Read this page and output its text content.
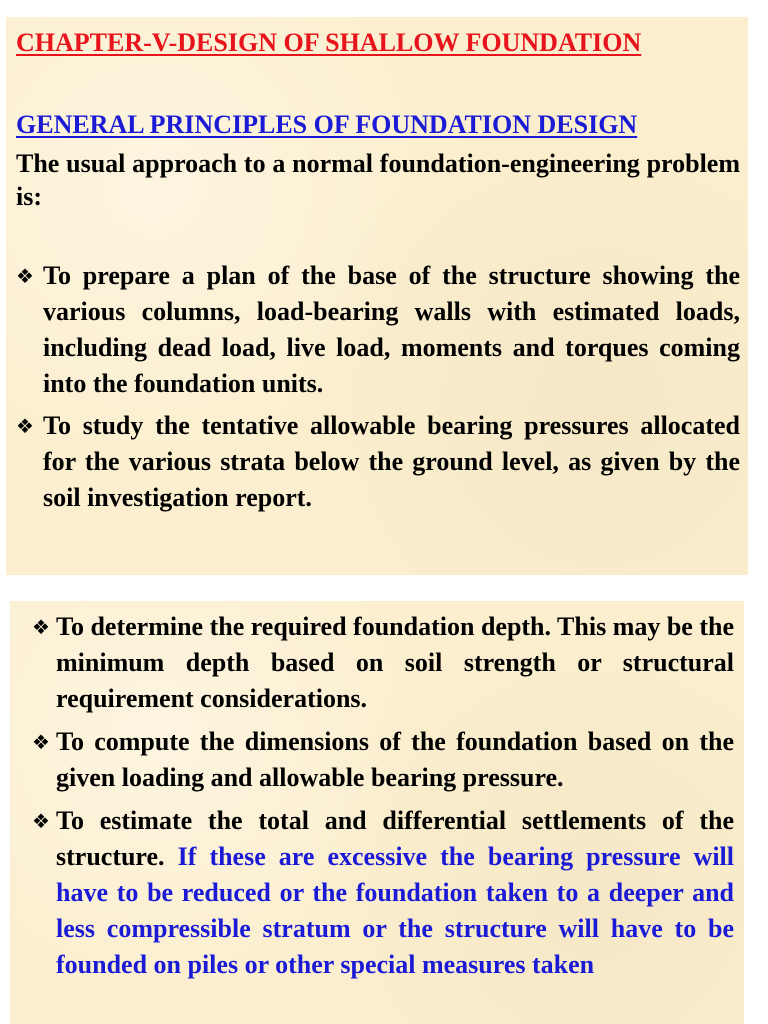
CHAPTER-V-DESIGN OF SHALLOW FOUNDATION
GENERAL PRINCIPLES OF FOUNDATION DESIGN

The usual approach to a normal foundation-engineering problem is:

❖ To prepare a plan of the base of the structure showing the various columns, load-bearing walls with estimated loads, including dead load, live load, moments and torques coming into the foundation units.
❖ To study the tentative allowable bearing pressures allocated for the various strata below the ground level, as given by the soil investigation report.
❖ To determine the required foundation depth. This may be the minimum depth based on soil strength or structural requirement considerations.
❖ To compute the dimensions of the foundation based on the given loading and allowable bearing pressure.
❖ To estimate the total and differential settlements of the structure. If these are excessive the bearing pressure will have to be reduced or the foundation taken to a deeper and less compressible stratum or the structure will have to be founded on piles or other special measures taken
